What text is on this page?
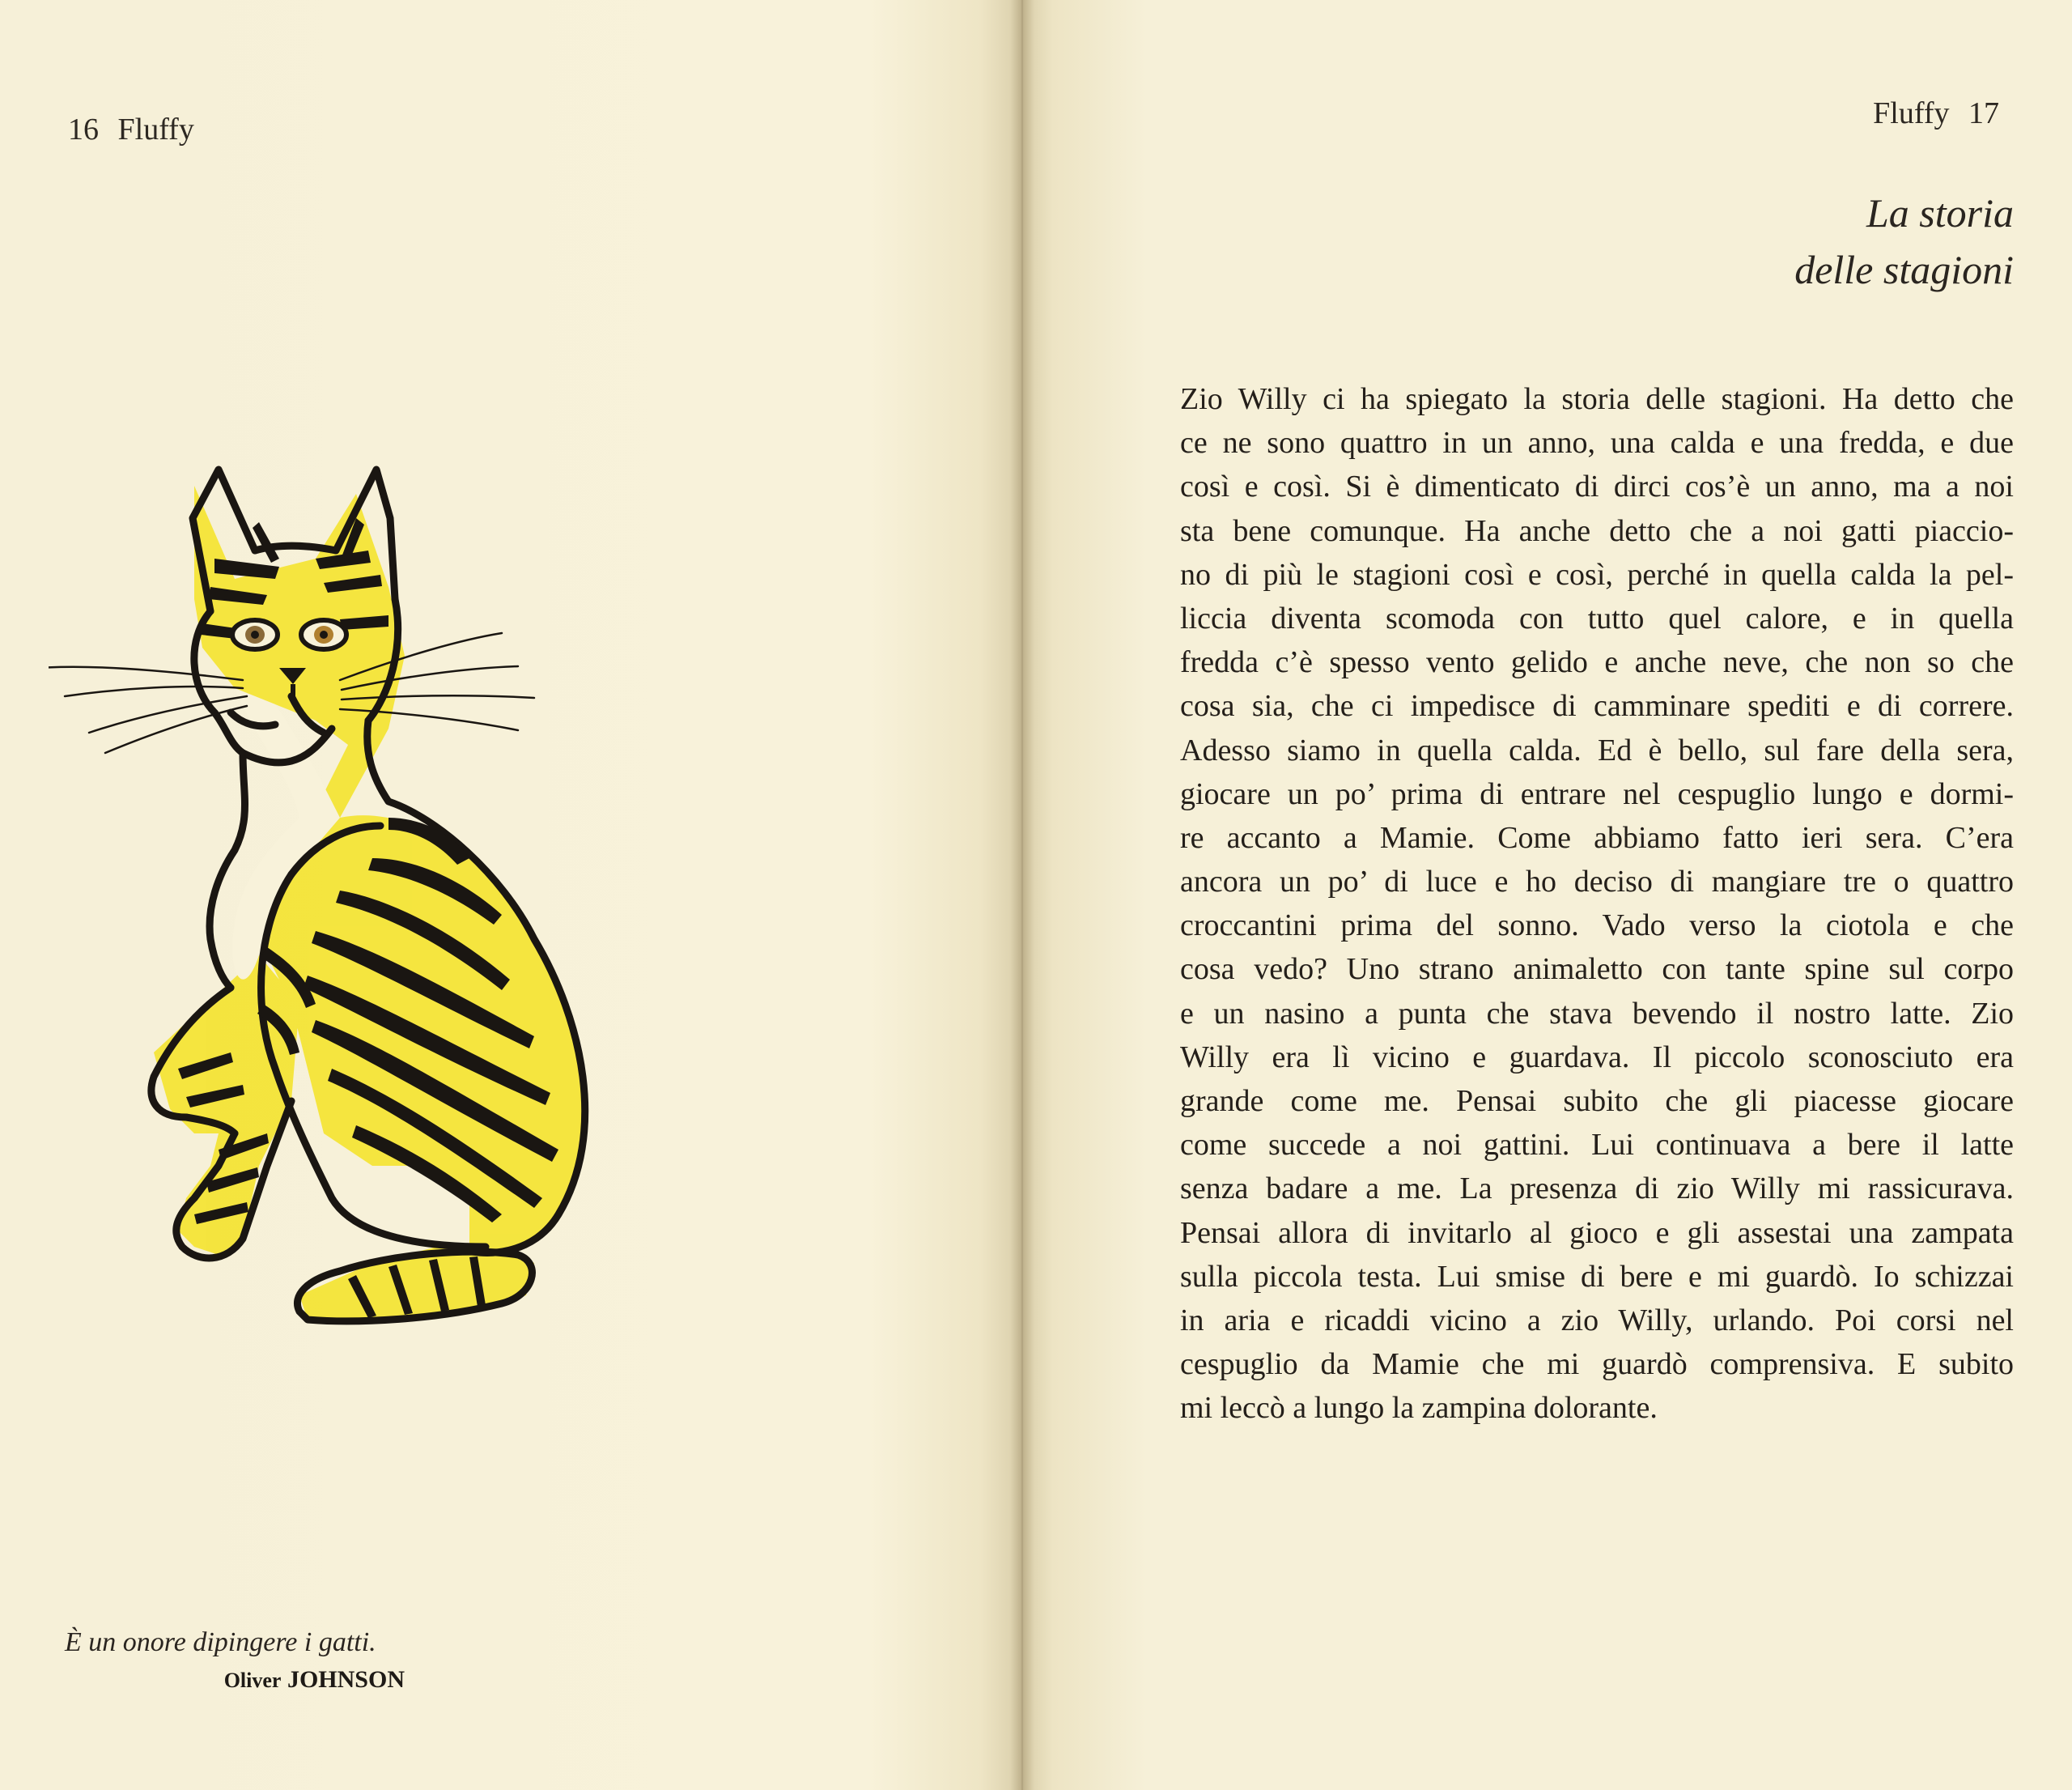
16 Fluffy
È un onore dipingere i gatti.
Oliver JOHNSON
Fluffy 17
La storia
delle stagioni
Zio Willy ci ha spiegato la storia delle stagioni. Ha detto che
ce ne sono quattro in un anno, una calda e una fredda, e due
così e così. Si è dimenticato di dirci cos’è un anno, ma a noi
sta bene comunque. Ha anche detto che a noi gatti piaccio-
no di più le stagioni così e così, perché in quella calda la pel-
liccia diventa scomoda con tutto quel calore, e in quella
fredda c’è spesso vento gelido e anche neve, che non so che
cosa sia, che ci impedisce di camminare spediti e di correre.
Adesso siamo in quella calda. Ed è bello, sul fare della sera,
giocare un po’ prima di entrare nel cespuglio lungo e dormi-
re accanto a Mamie. Come abbiamo fatto ieri sera. C’era
ancora un po’ di luce e ho deciso di mangiare tre o quattro
croccantini prima del sonno. Vado verso la ciotola e che
cosa vedo? Uno strano animaletto con tante spine sul corpo
e un nasino a punta che stava bevendo il nostro latte. Zio
Willy era lì vicino e guardava. Il piccolo sconosciuto era
grande come me. Pensai subito che gli piacesse giocare
come succede a noi gattini. Lui continuava a bere il latte
senza badare a me. La presenza di zio Willy mi rassicurava.
Pensai allora di invitarlo al gioco e gli assestai una zampata
sulla piccola testa. Lui smise di bere e mi guardò. Io schizzai
in aria e ricaddi vicino a zio Willy, urlando. Poi corsi nel
cespuglio da Mamie che mi guardò comprensiva. E subito
mi leccò a lungo la zampina dolorante.
